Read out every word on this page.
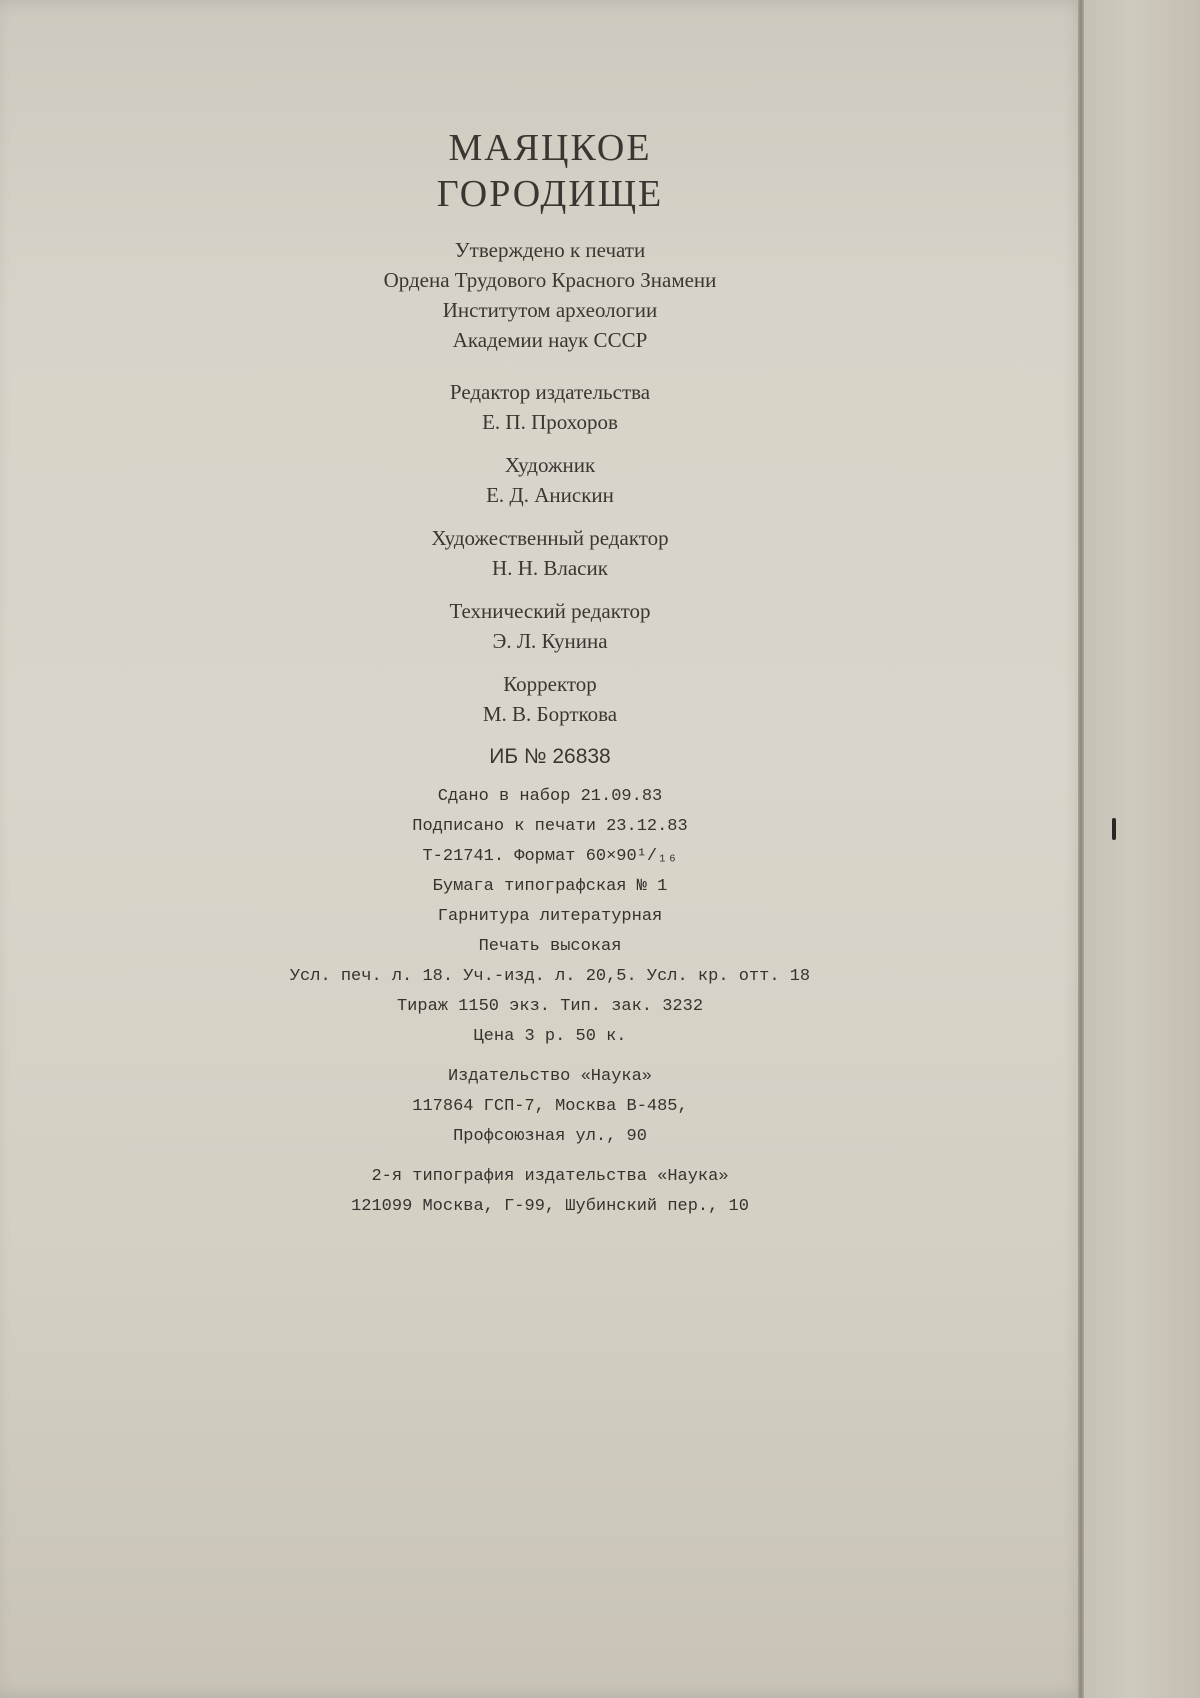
МАЯЦКОЕ
ГОРОДИЩЕ
Утверждено к печати
Ордена Трудового Красного Знамени
Институтом археологии
Академии наук СССР
Редактор издательства
Е. П. Прохоров
Художник
Е. Д. Анискин
Художественный редактор
Н. Н. Власик
Технический редактор
Э. Л. Кунина
Корректор
М. В. Борткова
ИБ № 26838
Сдано в набор 21.09.83
Подписано к печати 23.12.83
Т-21741. Формат 60×90¹/₁₆
Бумага типографская № 1
Гарнитура литературная
Печать высокая
Усл. печ. л. 18. Уч.-изд. л. 20,5. Усл. кр. отт. 18
Тираж 1150 экз. Тип. зак. 3232
Цена 3 р. 50 к.
Издательство «Наука»
117864 ГСП-7, Москва В-485,
Профсоюзная ул., 90
2-я типография издательства «Наука»
121099 Москва, Г-99, Шубинский пер., 10
